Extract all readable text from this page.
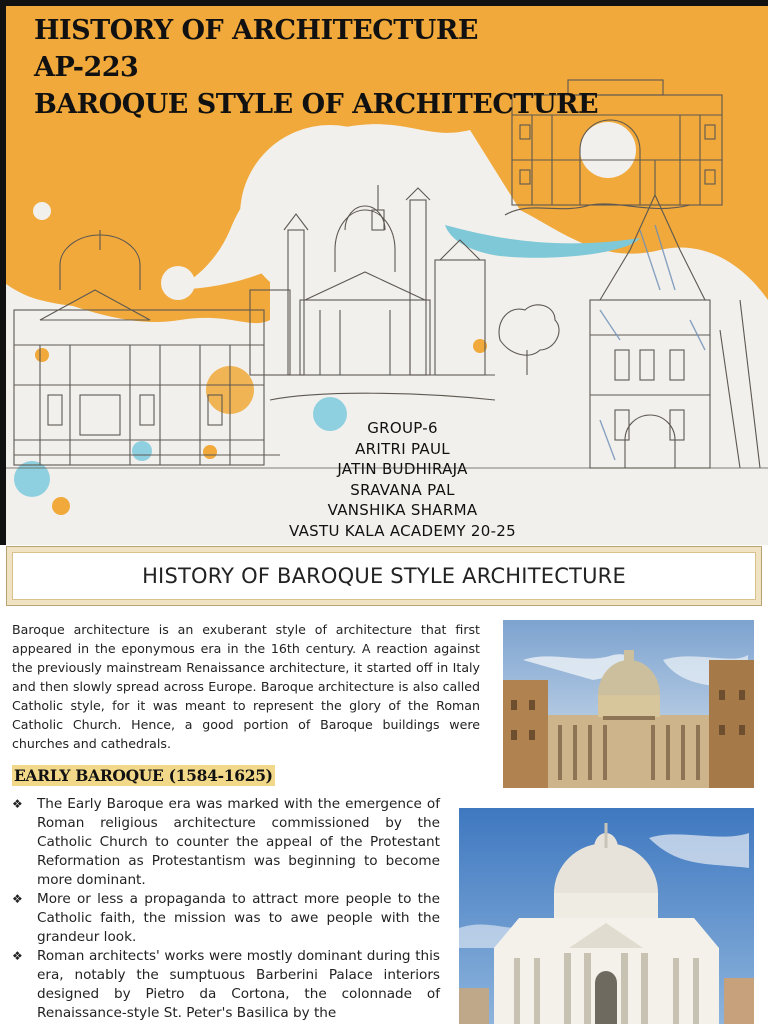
HISTORY OF ARCHITECTURE
AP-223
BAROQUE STYLE OF ARCHITECTURE
GROUP-6
ARITRI PAUL
JATIN BUDHIRAJA
SRAVANA PAL
VANSHIKA SHARMA
VASTU KALA ACADEMY 20-25
HISTORY OF BAROQUE STYLE ARCHITECTURE

Baroque architecture is an exuberant style of architecture that first appeared in the eponymous era in the 16th century. A reaction against the previously mainstream Renaissance architecture, it started off in Italy and then slowly spread across Europe. Baroque architecture is also called Catholic style, for it was meant to represent the glory of the Roman Catholic Church. Hence, a good portion of Baroque buildings were churches and cathedrals.

EARLY BAROQUE (1584-1625)
❖ The Early Baroque era was marked with the emergence of Roman religious architecture commissioned by the Catholic Church to counter the appeal of the Protestant Reformation as Protestantism was beginning to become more dominant.
❖ More or less a propaganda to attract more people to the Catholic faith, the mission was to awe people with the grandeur look.
❖ Roman architects' works were mostly dominant during this era, notably the sumptuous Barberini Palace interiors designed by Pietro da Cortona, the colonnade of Renaissance-style St. Peter's Basilica by the
